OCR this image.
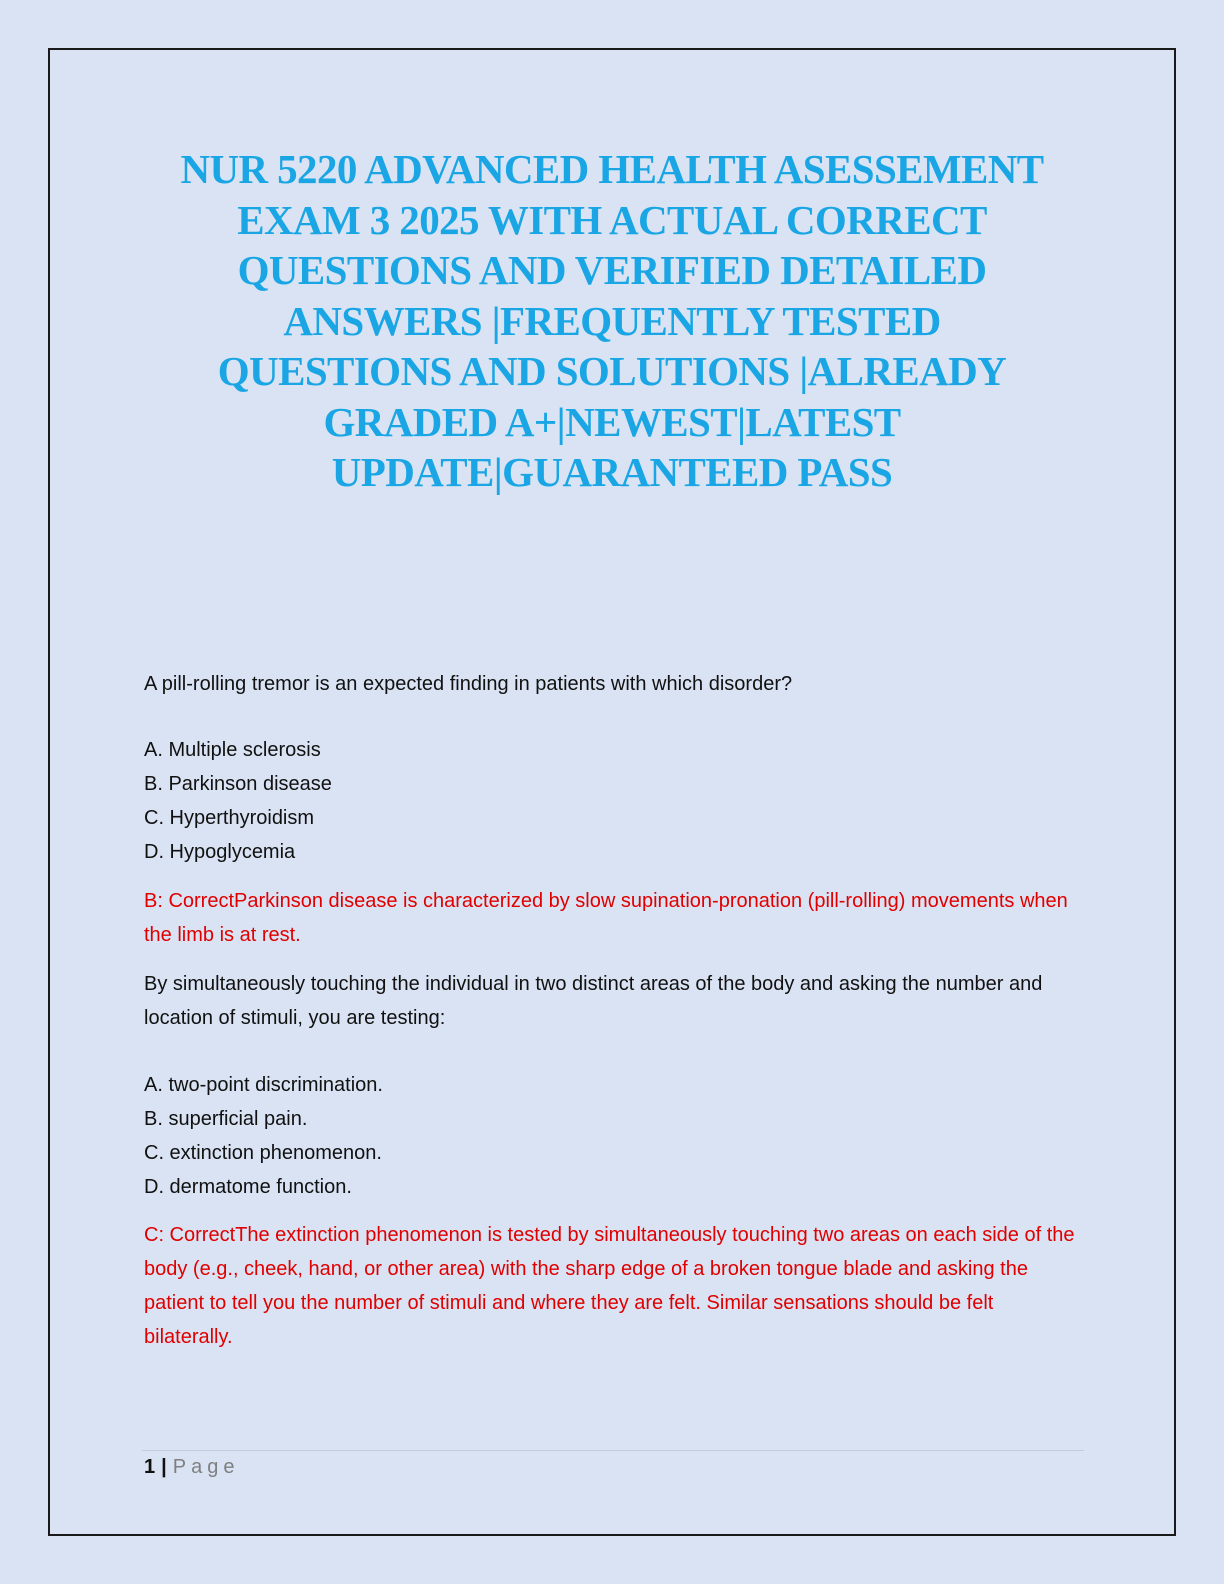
NUR 5220 ADVANCED HEALTH ASESSEMENT
EXAM 3 2025 WITH ACTUAL CORRECT
QUESTIONS AND VERIFIED DETAILED
ANSWERS |FREQUENTLY TESTED
QUESTIONS AND SOLUTIONS |ALREADY
GRADED A+|NEWEST|LATEST
UPDATE|GUARANTEED PASS

A pill-rolling tremor is an expected finding in patients with which disorder?

A. Multiple sclerosis
B. Parkinson disease
C. Hyperthyroidism
D. Hypoglycemia

B: CorrectParkinson disease is characterized by slow supination-pronation (pill-rolling) movements when the limb is at rest.

By simultaneously touching the individual in two distinct areas of the body and asking the number and location of stimuli, you are testing:

A. two-point discrimination.
B. superficial pain.
C. extinction phenomenon.
D. dermatome function.

C: CorrectThe extinction phenomenon is tested by simultaneously touching two areas on each side of the body (e.g., cheek, hand, or other area) with the sharp edge of a broken tongue blade and asking the patient to tell you the number of stimuli and where they are felt. Similar sensations should be felt bilaterally.

1 | Page
